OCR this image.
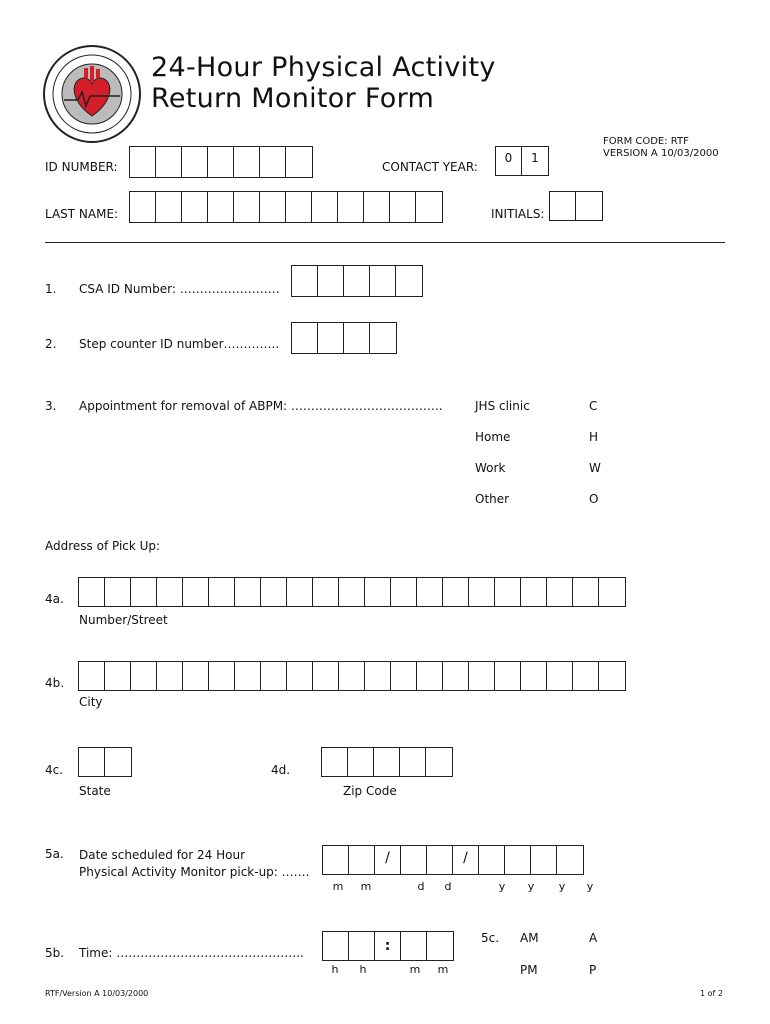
24-Hour Physical Activity
Return Monitor Form
FORM CODE: RTF
VERSION A 10/03/2000
ID NUMBER:	CONTACT YEAR:
0	1
LAST NAME:	INITIALS:
1. CSA ID Number: …………………….
2. Step counter ID number…………..
3. Appointment for removal of ABPM: ………………………………..	JHS clinic	C
Home	H
Work	W
Other	O
Address of Pick Up:
4a.
Number/Street
4b.
City
4c.
State
4d.
Zip Code
5a. Date scheduled for 24 Hour
Physical Activity Monitor pick-up: …….
/	/
m	m	d	d	y	y	y	y
5b. Time: ………………………………………..	:
h	h	m	m
5c. AM	A
PM	P
RTF/Version A 10/03/2000	1 of 2
